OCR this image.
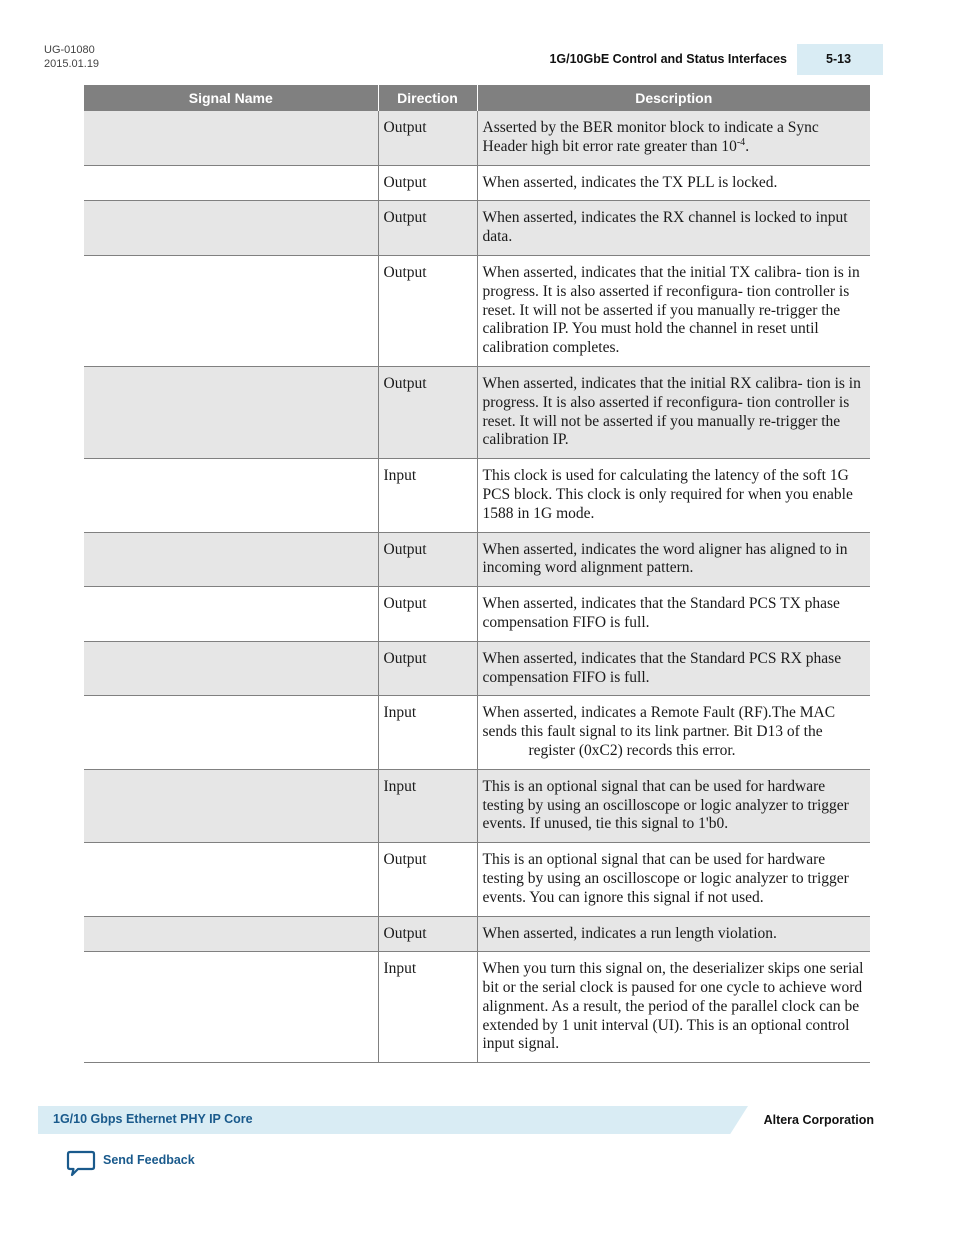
UG-01080
2015.01.19	1G/10GbE Control and Status Interfaces	5-13
Signal Name	Direction	Description
	Output	Asserted by the BER monitor block to indicate a Sync Header high bit error rate greater than $10^{-4}$.
	Output	When asserted, indicates the TX PLL is locked.
	Output	When asserted, indicates the RX channel is locked to input data.
	Output	When asserted, indicates that the initial TX calibra- tion is in progress. It is also asserted if reconfigura- tion controller is reset. It will not be asserted if you manually re-trigger the calibration IP. You must hold the channel in reset until calibration completes.
	Output	When asserted, indicates that the initial RX calibra- tion is in progress. It is also asserted if reconfigura- tion controller is reset. It will not be asserted if you manually re-trigger the calibration IP.
	Input	This clock is used for calculating the latency of the soft 1G PCS block. This clock is only required for when you enable 1588 in 1G mode.
	Output	When asserted, indicates the word aligner has aligned to in incoming word alignment pattern.
	Output	When asserted, indicates that the Standard PCS TX phase compensation FIFO is full.
	Output	When asserted, indicates that the Standard PCS RX phase compensation FIFO is full.
	Input	When asserted, indicates a Remote Fault (RF).The MAC sends this fault signal to its link partner. Bit D13 of the
register (0xC2) records this error.

	Input	This is an optional signal that can be used for hardware testing by using an oscilloscope or logic analyzer to trigger events. If unused, tie this signal to 1'b0.
	Output	This is an optional signal that can be used for hardware testing by using an oscilloscope or logic analyzer to trigger events. You can ignore this signal if not used.
	Output	When asserted, indicates a run length violation.
	Input	When you turn this signal on, the deserializer skips one serial bit or the serial clock is paused for one cycle to achieve word alignment. As a result, the period of the parallel clock can be extended by 1 unit interval (UI). This is an optional control input signal.
1G/10 Gbps Ethernet PHY IP Core	Altera Corporation
Send Feedback
